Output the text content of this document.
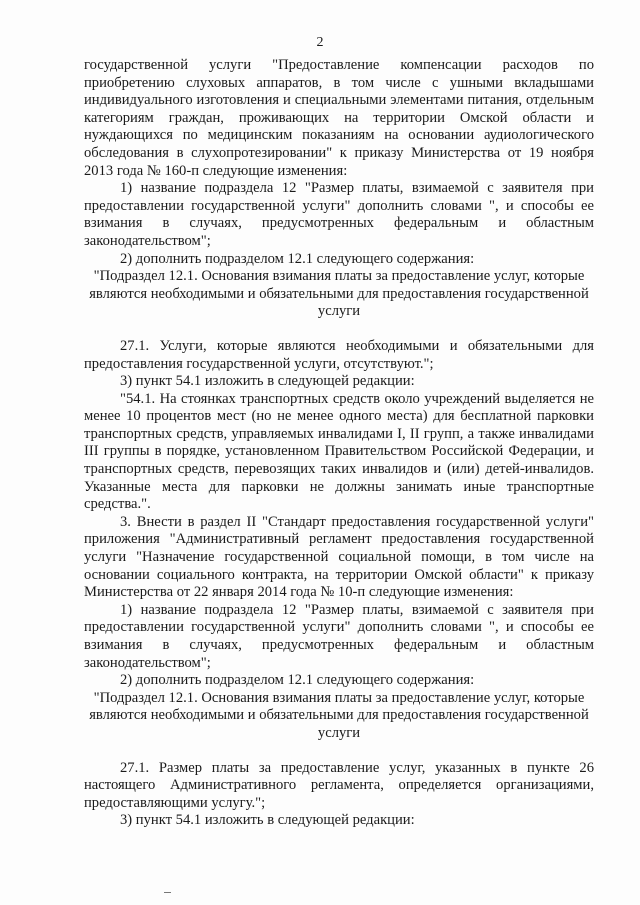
2

государственной услуги "Предоставление компенсации расходов по приобретению слуховых аппаратов, в том числе с ушными вкладышами индивидуального изготовления и специальными элементами питания, отдельным категориям граждан, проживающих на территории Омской области и нуждающихся по медицинским показаниям на основании аудиологического обследования в слухопротезировании" к приказу Министерства от 19 ноября 2013 года № 160-п следующие изменения:

1) название подраздела 12 "Размер платы, взимаемой с заявителя при предоставлении государственной услуги" дополнить словами ", и способы ее взимания в случаях, предусмотренных федеральным и областным законодательством";

2) дополнить подразделом 12.1 следующего содержания:

"Подраздел 12.1. Основания взимания платы за предоставление услуг, которые являются необходимыми и обязательными для предоставления государственной услуги

27.1. Услуги, которые являются необходимыми и обязательными для предоставления государственной услуги, отсутствуют.";

3) пункт 54.1 изложить в следующей редакции:

"54.1. На стоянках транспортных средств около учреждений выделяется не менее 10 процентов мест (но не менее одного места) для бесплатной парковки транспортных средств, управляемых инвалидами I, II групп, а также инвалидами III группы в порядке, установленном Правительством Российской Федерации, и транспортных средств, перевозящих таких инвалидов и (или) детей-инвалидов. Указанные места для парковки не должны занимать иные транспортные средства.".

3. Внести в раздел II "Стандарт предоставления государственной услуги" приложения "Административный регламент предоставления государственной услуги "Назначение государственной социальной помощи, в том числе на основании социального контракта, на территории Омской области" к приказу Министерства от 22 января 2014 года № 10-п следующие изменения:

1) название подраздела 12 "Размер платы, взимаемой с заявителя при предоставлении государственной услуги" дополнить словами ", и способы ее взимания в случаях, предусмотренных федеральным и областным законодательством";

2) дополнить подразделом 12.1 следующего содержания:

"Подраздел 12.1. Основания взимания платы за предоставление услуг, которые являются необходимыми и обязательными для предоставления государственной услуги

27.1. Размер платы за предоставление услуг, указанных в пункте 26 настоящего Административного регламента, определяется организациями, предоставляющими услугу.";

3) пункт 54.1 изложить в следующей редакции:
